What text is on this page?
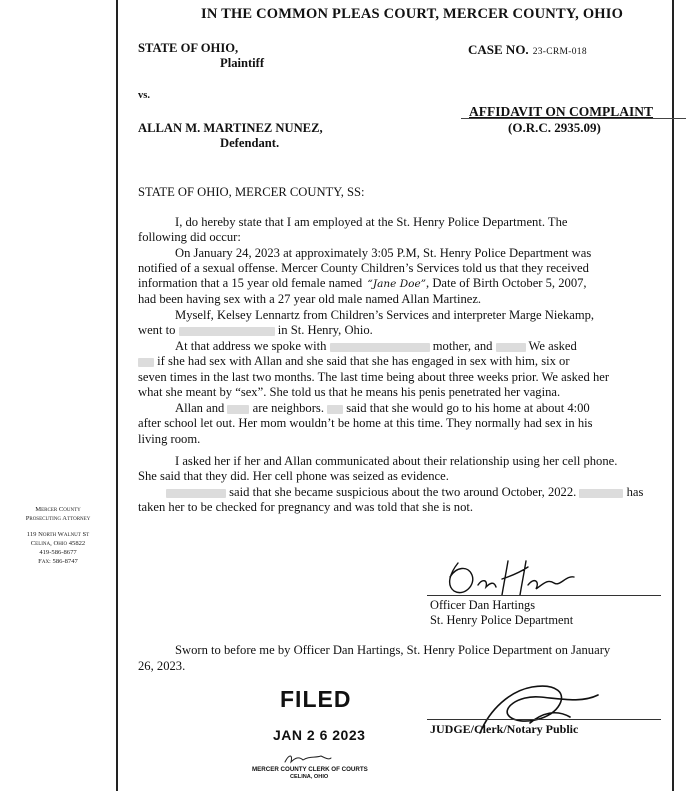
Mercer County
Prosecuting Attorney
119 North Walnut St
Celina, Ohio 45822
419-586-8677
Fax: 586-8747
IN THE COMMON PLEAS COURT, MERCER COUNTY, OHIO
STATE OF OHIO,
Plaintiff
vs.
ALLAN M. MARTINEZ NUNEZ,
Defendant.
CASE NO. 23-CRM-018
AFFIDAVIT ON COMPLAINT
(O.R.C. 2935.09)
STATE OF OHIO, MERCER COUNTY, SS:
I, do hereby state that I am employed at the St. Henry Police Department. The
following did occur:
On January 24, 2023 at approximately 3:05 P.M, St. Henry Police Department was
notified of a sexual offense. Mercer County Children’s Services told us that they received
information that a 15 year old female named “Jane Doe”, Date of Birth October 5, 2007,
had been having sex with a 27 year old male named Allan Martinez.
Myself, Kelsey Lennartz from Children’s Services and interpreter Marge Niekamp,
went to	in St. Henry, Ohio.
At that address we spoke with	mother, and	We asked
if she had sex with Allan and she said that she has engaged in sex with him, six or
seven times in the last two months. The last time being about three weeks prior. We asked her
what she meant by “sex”. She told us that he means his penis penetrated her vagina.
Allan and are neighbors. said that she would go to his home at about 4:00
after school let out. Her mom wouldn’t be home at this time. They normally had sex in his
living room.
I asked her if her and Allan communicated about their relationship using her cell phone.
She said that they did. Her cell phone was seized as evidence.
said that she became suspicious about the two around October, 2022.	has
taken her to be checked for pregnancy and was told that she is not.
Officer Dan Hartings
St. Henry Police Department
Sworn to before me by Officer Dan Hartings, St. Henry Police Department on January
26, 2023.
FILED
JAN 2 6 2023
MERCER COUNTY CLERK OF COURTS
CELINA, OHIO
JUDGE/Clerk/Notary Public
